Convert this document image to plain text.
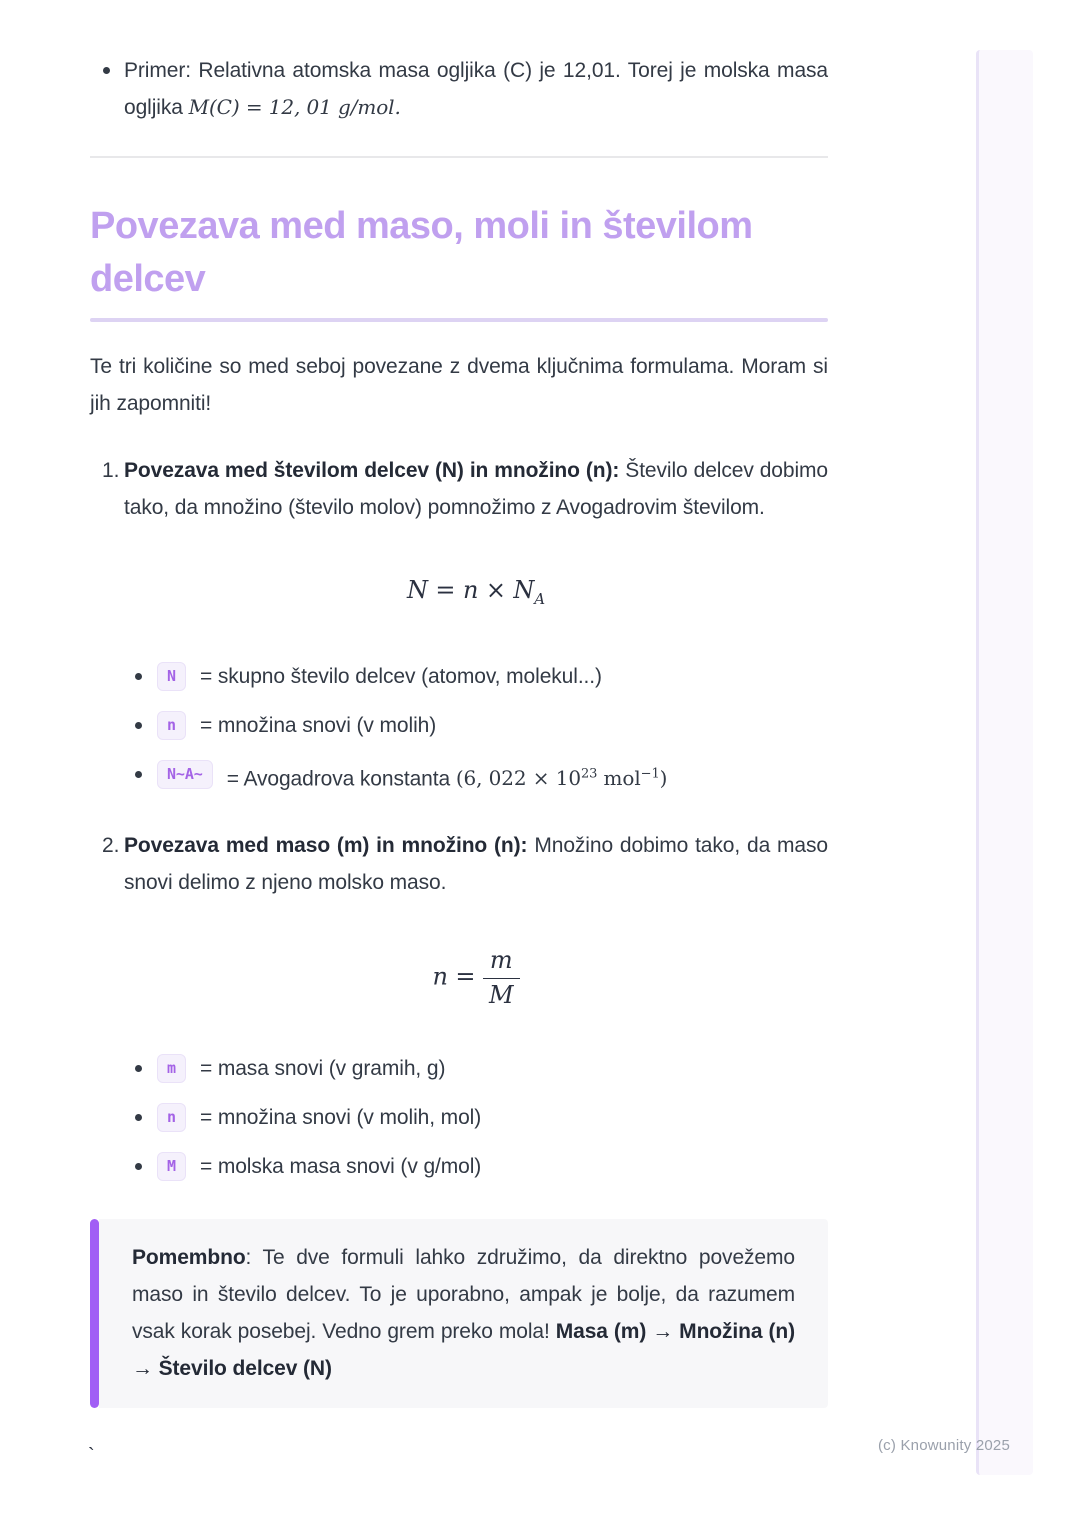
Primer: Relativna atomska masa ogljika (C) je 12,01. Torej je molska masa ogljika M(C) = 12, 01 g/mol.
Povezava med maso, moli in številom delcev

Te tri količine so med seboj povezane z dvema ključnima formulama. Moram si jih zapomniti!

1. Povezava med številom delcev (N) in množino (n): Število delcev dobimo tako, da množino (število molov) pomnožimo z Avogadrovim številom.

$N = n \times N_A$
N	= skupno število delcev (atomov, molekul...)
n	= množina snovi (v molih)
N~A~	= Avogadrova konstanta (6, $022 \times 10^{23}$ mol$^{-1}$)
2. Povezava med maso (m) in množino (n): Množino dobimo tako, da maso snovi delimo z njeno molsko maso.

$n = \frac{m}{M}$
m	= masa snovi (v gramih, g)
n	= množina snovi (v molih, mol)
M	= molska masa snovi (v g/mol)
Pomembno: Te dve formuli lahko združimo, da direktno povežemo maso in število delcev. To je uporabno, ampak je bolje, da razumem vsak korak posebej. Vedno grem preko mola! Masa (m) → Množina (n) → Število delcev (N)
`	(c) Knowunity 2025
